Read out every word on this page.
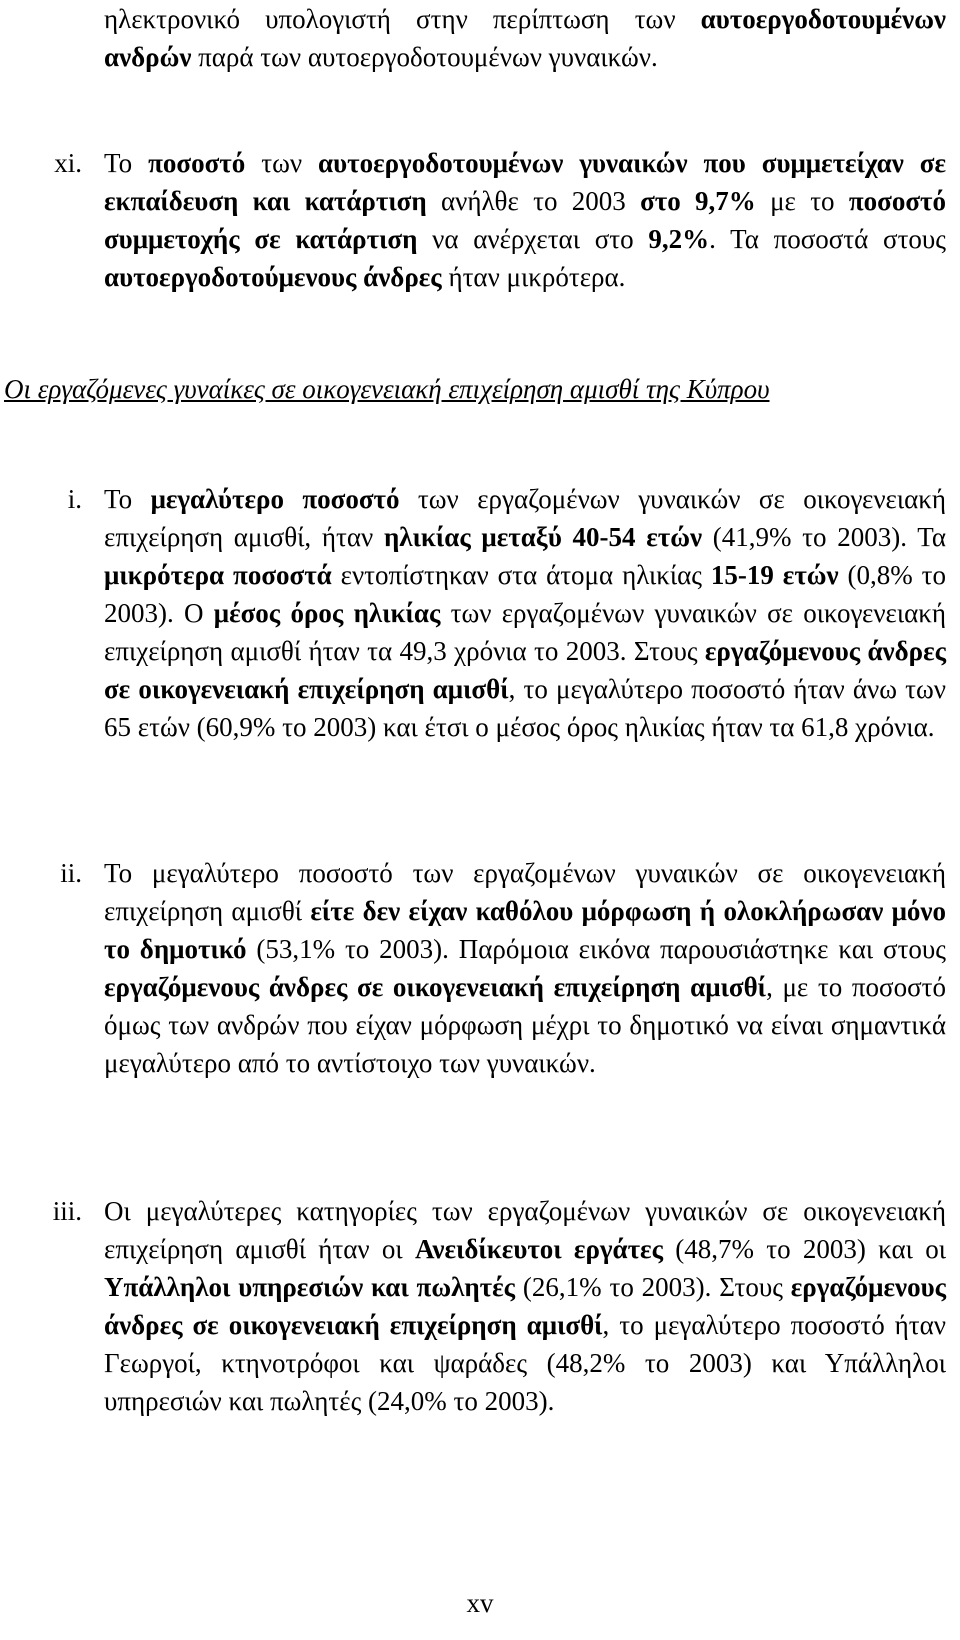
ηλεκτρονικό υπολογιστή στην περίπτωση των αυτοεργοδοτουμένων ανδρών παρά των αυτοεργοδοτουμένων γυναικών.
xi. Το ποσοστό των αυτοεργοδοτουμένων γυναικών που συμμετείχαν σε εκπαίδευση και κατάρτιση ανήλθε το 2003 στο 9,7% με το ποσοστό συμμετοχής σε κατάρτιση να ανέρχεται στο 9,2%. Τα ποσοστά στους αυτοεργοδοτούμενους άνδρες ήταν μικρότερα.
Οι εργαζόμενες γυναίκες σε οικογενειακή επιχείρηση αμισθί της Κύπρου
i. Το μεγαλύτερο ποσοστό των εργαζομένων γυναικών σε οικογενειακή επιχείρηση αμισθί, ήταν ηλικίας μεταξύ 40-54 ετών (41,9% το 2003). Τα μικρότερα ποσοστά εντοπίστηκαν στα άτομα ηλικίας 15-19 ετών (0,8% το 2003). Ο μέσος όρος ηλικίας των εργαζομένων γυναικών σε οικογενειακή επιχείρηση αμισθί ήταν τα 49,3 χρόνια το 2003. Στους εργαζόμενους άνδρες σε οικογενειακή επιχείρηση αμισθί, το μεγαλύτερο ποσοστό ήταν άνω των 65 ετών (60,9% το 2003) και έτσι ο μέσος όρος ηλικίας ήταν τα 61,8 χρόνια.
ii. Το μεγαλύτερο ποσοστό των εργαζομένων γυναικών σε οικογενειακή επιχείρηση αμισθί είτε δεν είχαν καθόλου μόρφωση ή ολοκλήρωσαν μόνο το δημοτικό (53,1% το 2003). Παρόμοια εικόνα παρουσιάστηκε και στους εργαζόμενους άνδρες σε οικογενειακή επιχείρηση αμισθί, με το ποσοστό όμως των ανδρών που είχαν μόρφωση μέχρι το δημοτικό να είναι σημαντικά μεγαλύτερο από το αντίστοιχο των γυναικών.
iii. Οι μεγαλύτερες κατηγορίες των εργαζομένων γυναικών σε οικογενειακή επιχείρηση αμισθί ήταν οι Ανειδίκευτοι εργάτες (48,7% το 2003) και οι Υπάλληλοι υπηρεσιών και πωλητές (26,1% το 2003). Στους εργαζόμενους άνδρες σε οικογενειακή επιχείρηση αμισθί, το μεγαλύτερο ποσοστό ήταν Γεωργοί, κτηνοτρόφοι και ψαράδες (48,2% το 2003) και Υπάλληλοι υπηρεσιών και πωλητές (24,0% το 2003).
xv
